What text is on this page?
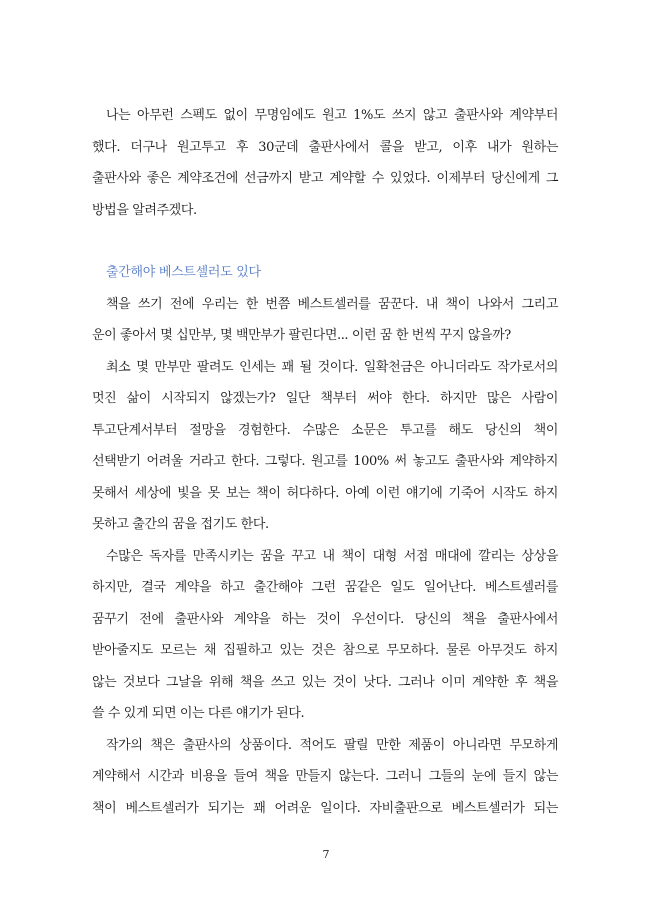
나는 아무런 스펙도 없이 무명임에도 원고 1%도 쓰지 않고 출판사와 계약부터
했다. 더구나 원고투고 후 30군데 출판사에서 콜을 받고, 이후 내가 원하는
출판사와 좋은 계약조건에 선금까지 받고 계약할 수 있었다. 이제부터 당신에게 그
방법을 알려주겠다.
출간해야 베스트셀러도 있다
책을 쓰기 전에 우리는 한 번쯤 베스트셀러를 꿈꾼다. 내 책이 나와서 그리고
운이 좋아서 몇 십만부, 몇 백만부가 팔린다면... 이런 꿈 한 번씩 꾸지 않을까?
최소 몇 만부만 팔려도 인세는 꽤 될 것이다. 일확천금은 아니더라도 작가로서의
멋진 삶이 시작되지 않겠는가? 일단 책부터 써야 한다. 하지만 많은 사람이
투고단계서부터 절망을 경험한다. 수많은 소문은 투고를 해도 당신의 책이
선택받기 어려울 거라고 한다. 그렇다. 원고를 100% 써 놓고도 출판사와 계약하지
못해서 세상에 빛을 못 보는 책이 허다하다. 아예 이런 얘기에 기죽어 시작도 하지
못하고 출간의 꿈을 접기도 한다.
수많은 독자를 만족시키는 꿈을 꾸고 내 책이 대형 서점 매대에 깔리는 상상을
하지만, 결국 계약을 하고 출간해야 그런 꿈같은 일도 일어난다. 베스트셀러를
꿈꾸기 전에 출판사와 계약을 하는 것이 우선이다. 당신의 책을 출판사에서
받아줄지도 모르는 채 집필하고 있는 것은 참으로 무모하다. 물론 아무것도 하지
않는 것보다 그날을 위해 책을 쓰고 있는 것이 낫다. 그러나 이미 계약한 후 책을
쓸 수 있게 되면 이는 다른 얘기가 된다.
작가의 책은 출판사의 상품이다. 적어도 팔릴 만한 제품이 아니라면 무모하게
계약해서 시간과 비용을 들여 책을 만들지 않는다. 그러니 그들의 눈에 들지 않는
책이 베스트셀러가 되기는 꽤 어려운 일이다. 자비출판으로 베스트셀러가 되는
7
